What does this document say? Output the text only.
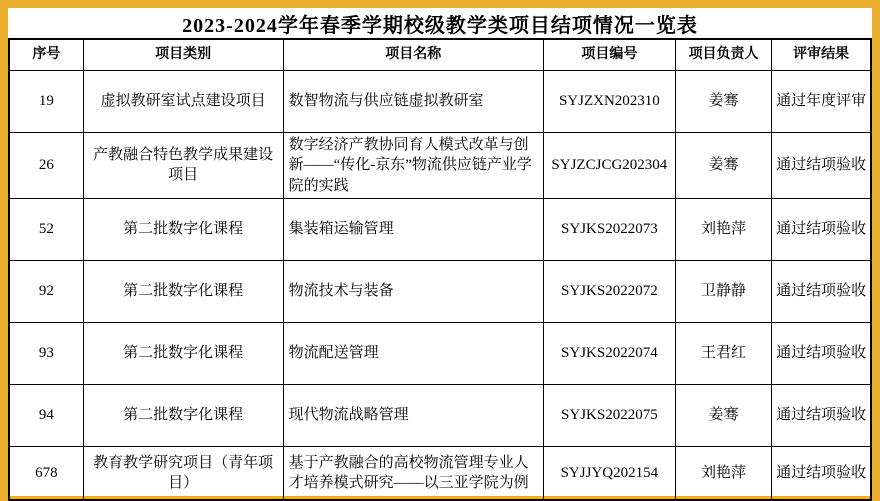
2023-2024学年春季学期校级教学类项目结项情况一览表
序号	项目类别	项目名称	项目编号	项目负责人	评审结果
19	虚拟教研室试点建设项目	数智物流与供应链虚拟教研室	SYJZXN202310	姜骞	通过年度评审
26	产教融合特色教学成果建设项目	数字经济产教协同育人模式改革与创新——“传化-京东”物流供应链产业学院的实践	SYJZCJCG202304	姜骞	通过结项验收
52	第二批数字化课程	集装箱运输管理	SYJKS2022073	刘艳萍	通过结项验收
92	第二批数字化课程	物流技术与装备	SYJKS2022072	卫静静	通过结项验收
93	第二批数字化课程	物流配送管理	SYJKS2022074	王君红	通过结项验收
94	第二批数字化课程	现代物流战略管理	SYJKS2022075	姜骞	通过结项验收
678	教育教学研究项目（青年项目）	基于产教融合的高校物流管理专业人才培养模式研究——以三亚学院为例	SYJJYQ202154	刘艳萍	通过结项验收
